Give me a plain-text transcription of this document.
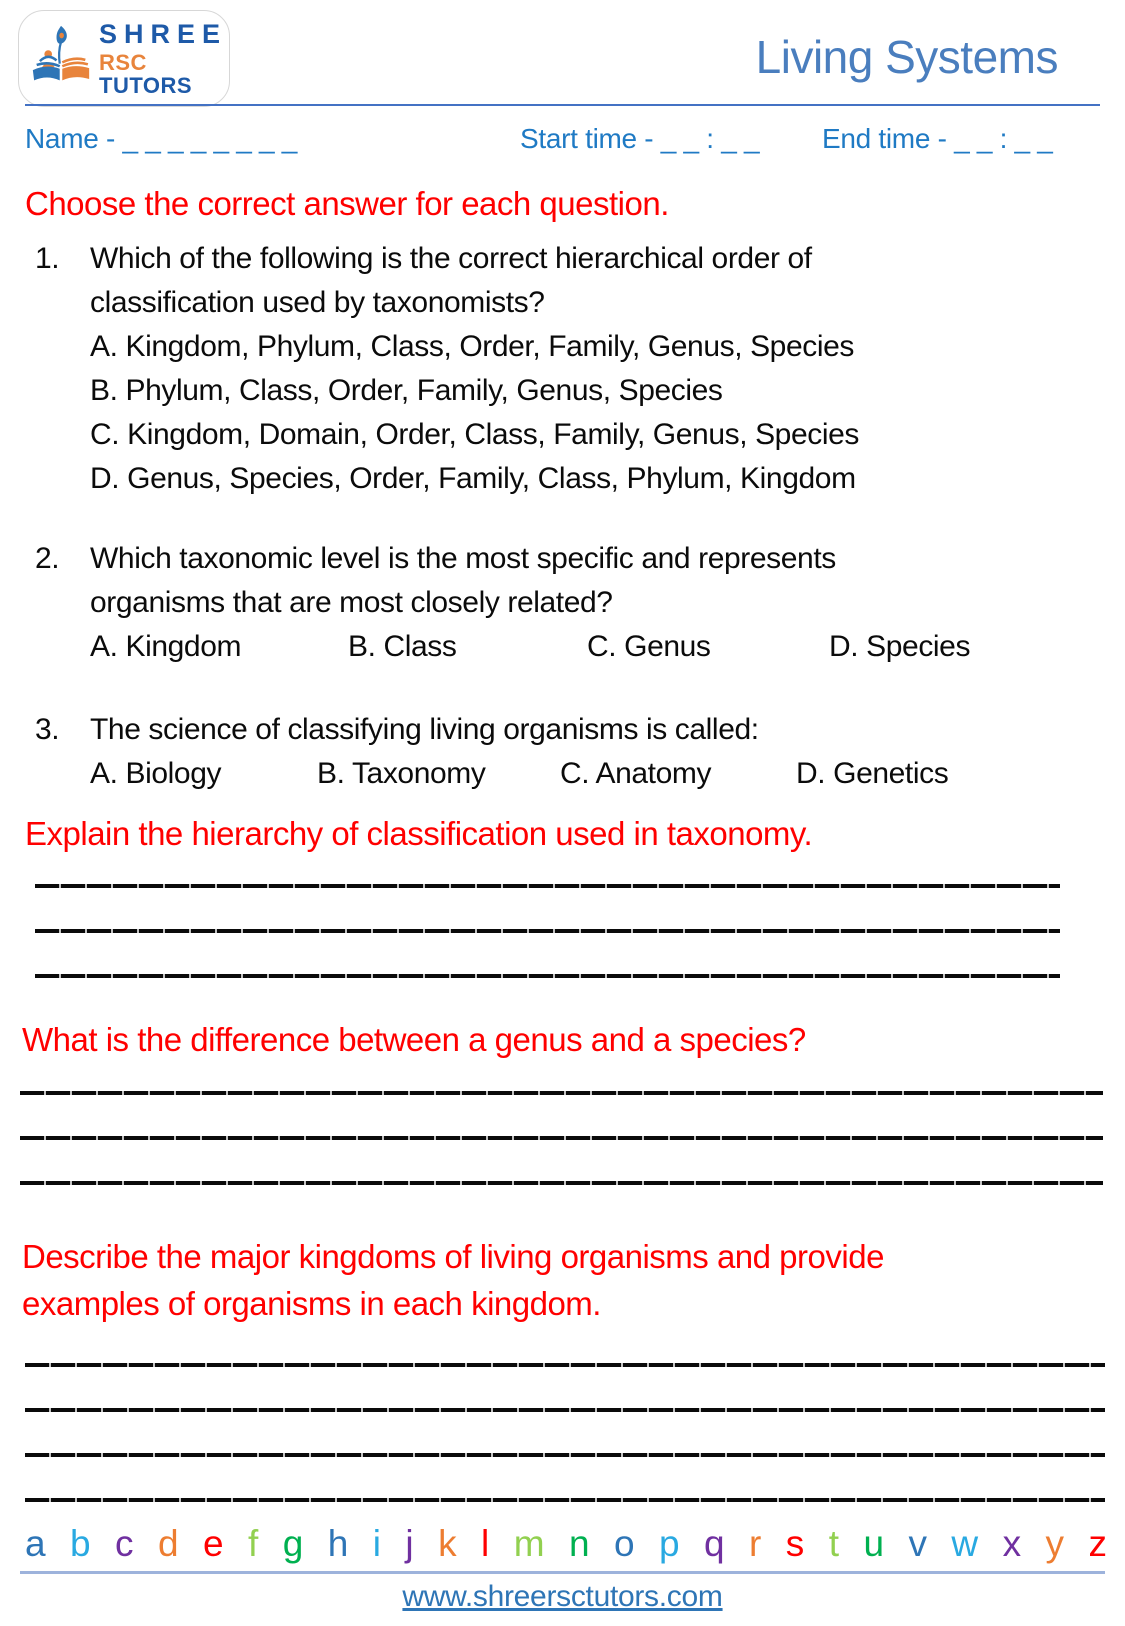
SHREE
RSC TUTORS
Living Systems
Name - _ _ _ _ _ _ _ _	Start time - _ _ : _ _ End time - _ _ : _ _
Choose the correct answer for each question.
1.	Which of the following is the correct hierarchical order of classification used by taxonomists?
A. Kingdom, Phylum, Class, Order, Family, Genus, Species
B. Phylum, Class, Order, Family, Genus, Species
C. Kingdom, Domain, Order, Class, Family, Genus, Species
D. Genus, Species, Order, Family, Class, Phylum, Kingdom
2.	Which taxonomic level is the most specific and represents organisms that are most closely related?
A. Kingdom	B. Class	C. Genus	D. Species
3.	The science of classifying living organisms is called:
A. Biology	B. Taxonomy	C. Anatomy	D. Genetics
Explain the hierarchy of classification used in taxonomy.
What is the difference between a genus and a species?
Describe the major kingdoms of living organisms and provide examples of organisms in each kingdom.
a b c d e f g h i j k l m n o p q r s t u v w x y z
www.shreersctutors.com
